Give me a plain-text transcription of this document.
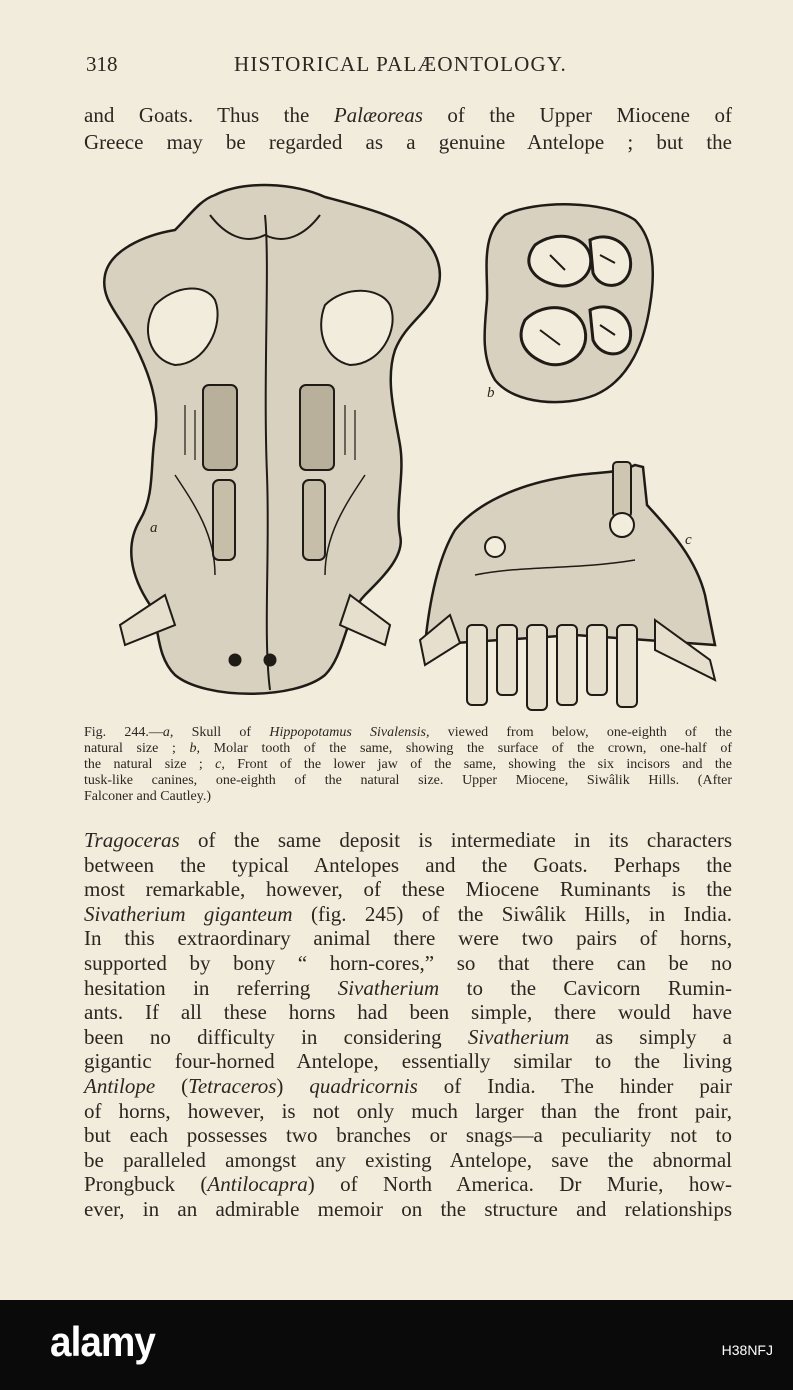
318	HISTORICAL PALÆONTOLOGY.
and Goats. Thus the Palæoreas of the Upper Miocene of
Greece may be regarded as a genuine Antelope ; but the
a
b
c
Fig. 244.—a, Skull of Hippopotamus Sivalensis, viewed from below, one-eighth of the
natural size ; b, Molar tooth of the same, showing the surface of the crown, one-half of
the natural size ; c, Front of the lower jaw of the same, showing the six incisors and the
tusk-like canines, one-eighth of the natural size. Upper Miocene, Siwâlik Hills. (After
Falconer and Cautley.)
Tragoceras of the same deposit is intermediate in its characters
between the typical Antelopes and the Goats. Perhaps the
most remarkable, however, of these Miocene Ruminants is the
Sivatherium giganteum (fig. 245) of the Siwâlik Hills, in India.
In this extraordinary animal there were two pairs of horns,
supported by bony “ horn-cores,” so that there can be no
hesitation in referring Sivatherium to the Cavicorn Rumin-
ants. If all these horns had been simple, there would have
been no difficulty in considering Sivatherium as simply a
gigantic four-horned Antelope, essentially similar to the living
Antilope (Tetraceros) quadricornis of India. The hinder pair
of horns, however, is not only much larger than the front pair,
but each possesses two branches or snags—a peculiarity not to
be paralleled amongst any existing Antelope, save the abnormal
Prongbuck (Antilocapra) of North America. Dr Murie, how-
ever, in an admirable memoir on the structure and relationships
alamy	H38NFJ
